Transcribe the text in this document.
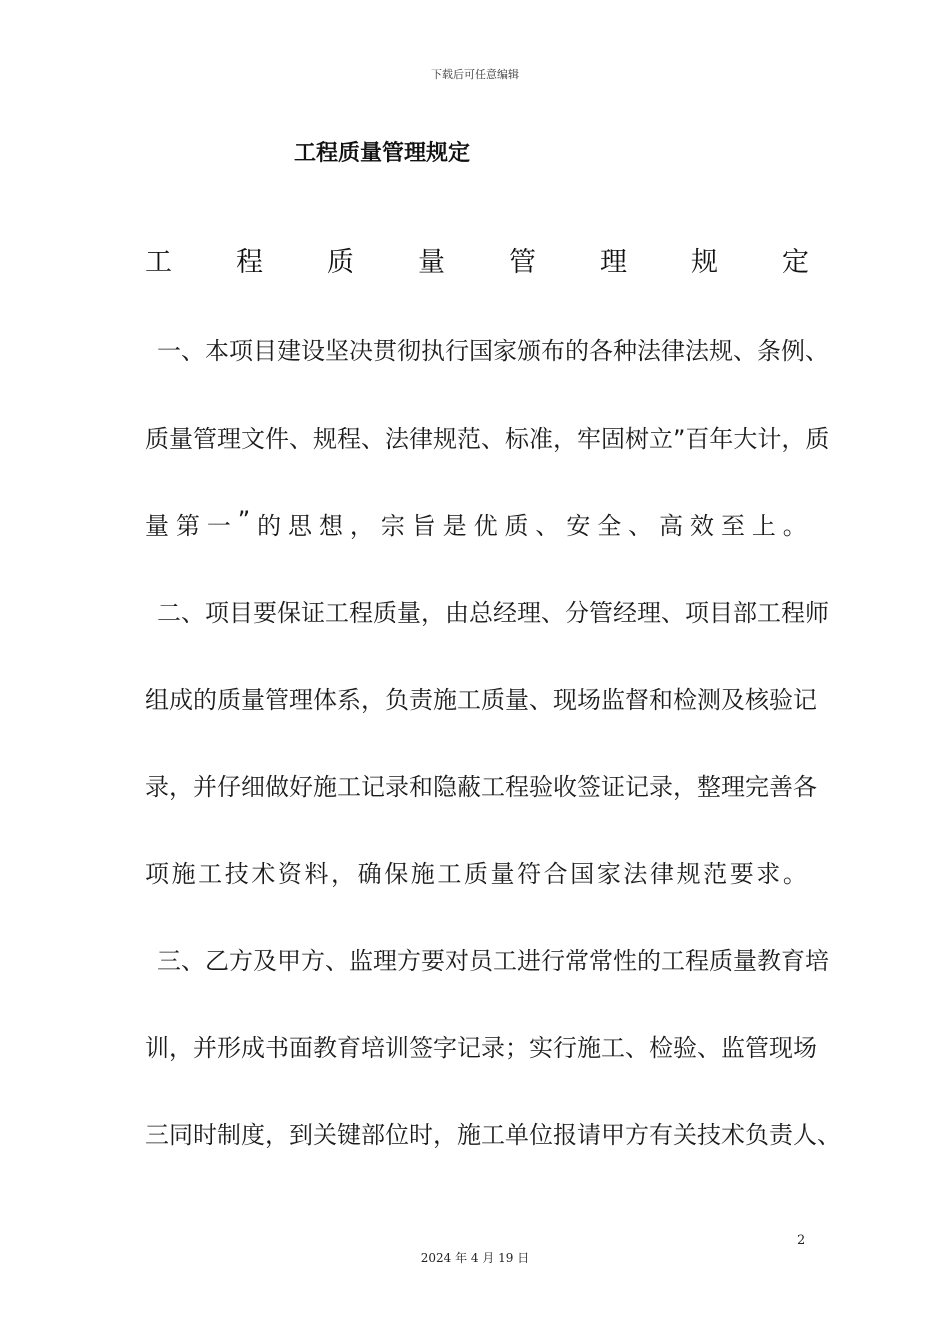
下载后可任意编辑
工程质量管理规定
工 程 质 量 管 理 规 定
一、本项目建设坚决贯彻执行国家颁布的各种法律法规、条例、
质量管理文件、规程、法律规范、标准，牢固树立”百年大计，质
量 第 一 ” 的 思 想 ， 宗 旨 是 优 质 、 安 全 、 高 效 至 上 。
二、项目要保证工程质量，由总经理、分管经理、项目部工程师
组成的质量管理体系，负责施工质量、现场监督和检测及核验记
录，并仔细做好施工记录和隐蔽工程验收签证记录，整理完善各
项 施 工 技 术 资 料 ， 确 保 施 工 质 量 符 合 国 家 法 律 规 范 要 求 。
三、乙方及甲方、监理方要对员工进行常常性的工程质量教育培
训，并形成书面教育培训签字记录；实行施工、检验、监管现场
三同时制度，到关键部位时，施工单位报请甲方有关技术负责人、
2
2024 年 4 月 19 日
